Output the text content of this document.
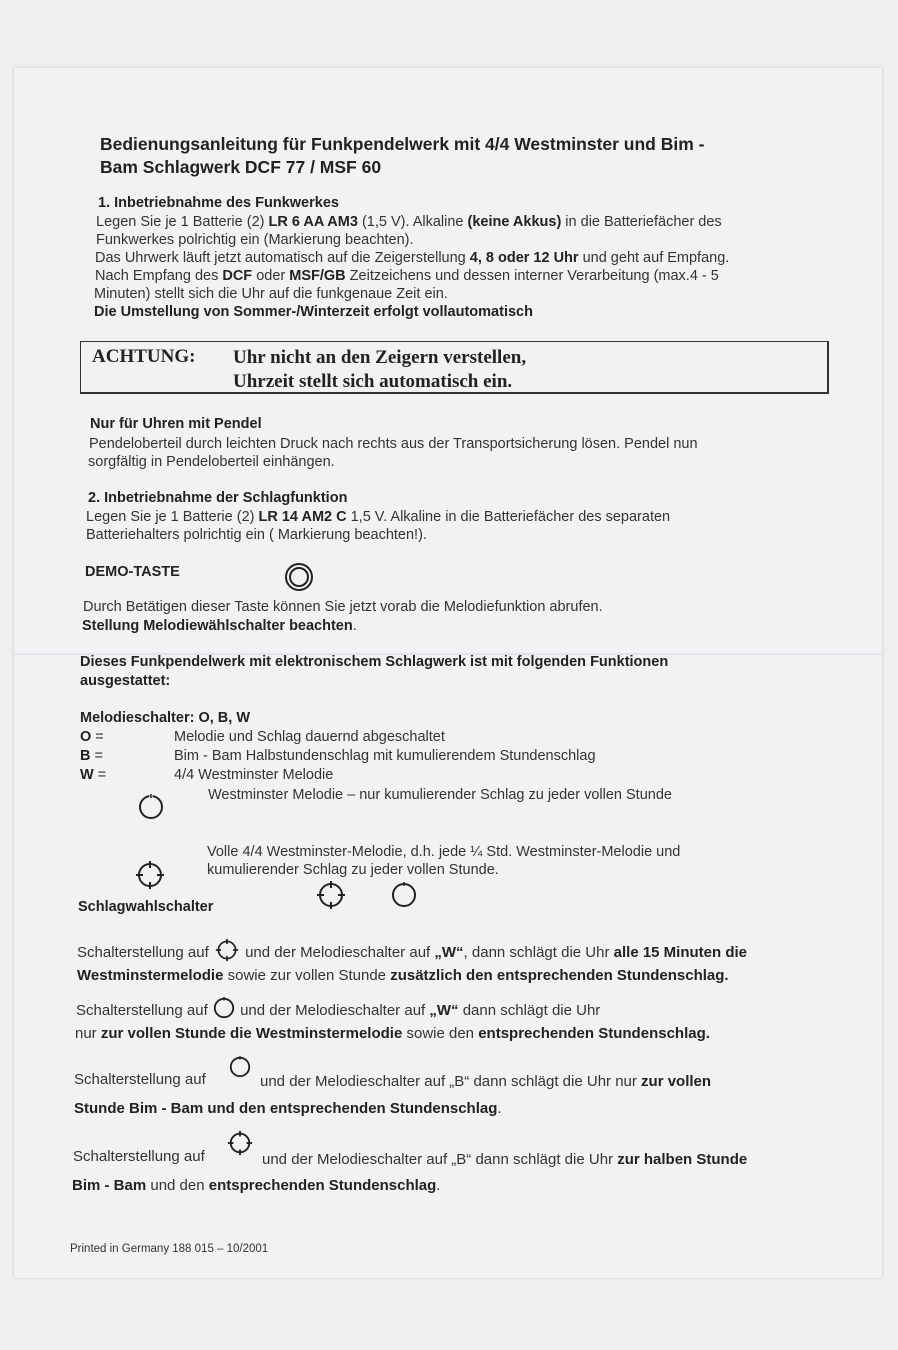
Bedienungsanleitung für Funkpendelwerk mit 4/4 Westminster und Bim -
Bam Schlagwerk DCF 77 / MSF 60
1. Inbetriebnahme des Funkwerkes
Legen Sie je 1 Batterie (2) LR 6 AA AM3 (1,5 V). Alkaline (keine Akkus) in die Batteriefächer des
Funkwerkes polrichtig ein (Markierung beachten).
Das Uhrwerk läuft jetzt automatisch auf die Zeigerstellung 4, 8 oder 12 Uhr und geht auf Empfang.
Nach Empfang des DCF oder MSF/GB Zeitzeichens und dessen interner Verarbeitung (max.4 - 5
Minuten) stellt sich die Uhr auf die funkgenaue Zeit ein.
Die Umstellung von Sommer-/Winterzeit erfolgt vollautomatisch
ACHTUNG: Uhr nicht an den Zeigern verstellen,
Uhrzeit stellt sich automatisch ein.
Nur für Uhren mit Pendel
Pendeloberteil durch leichten Druck nach rechts aus der Transportsicherung lösen. Pendel nun
sorgfältig in Pendeloberteil einhängen.
2. Inbetriebnahme der Schlagfunktion
Legen Sie je 1 Batterie (2) LR 14 AM2 C 1,5 V. Alkaline in die Batteriefächer des separaten
Batteriehalters polrichtig ein ( Markierung beachten!).
DEMO-TASTE
Durch Betätigen dieser Taste können Sie jetzt vorab die Melodiefunktion abrufen.
Stellung Melodiewählschalter beachten.
Dieses Funkpendelwerk mit elektronischem Schlagwerk ist mit folgenden Funktionen
ausgestattet:
Melodieschalter: O, B, W
O =	Melodie und Schlag dauernd abgeschaltet
B =	Bim - Bam Halbstundenschlag mit kumulierendem Stundenschlag
W =	4/4 Westminster Melodie
Westminster Melodie – nur kumulierender Schlag zu jeder vollen Stunde
Volle 4/4 Westminster-Melodie, d.h. jede ¼ Std. Westminster-Melodie und
kumulierender Schlag zu jeder vollen Stunde.
Schlagwahlschalter
Schalterstellung auf  und der Melodieschalter auf „W“, dann schlägt die Uhr alle 15 Minuten die
Westminstermelodie sowie zur vollen Stunde zusätzlich den entsprechenden Stundenschlag.
Schalterstellung auf  und der Melodieschalter auf „W“ dann schlägt die Uhr
nur zur vollen Stunde die Westminstermelodie sowie den entsprechenden Stundenschlag.
Schalterstellung auf	und der Melodieschalter auf „B“ dann schlägt die Uhr nur zur vollen
Stunde Bim - Bam und den entsprechenden Stundenschlag.
Schalterstellung auf	und der Melodieschalter auf „B“ dann schlägt die Uhr zur halben Stunde
Bim - Bam und den entsprechenden Stundenschlag.
Printed in Germany 188 015 – 10/2001
